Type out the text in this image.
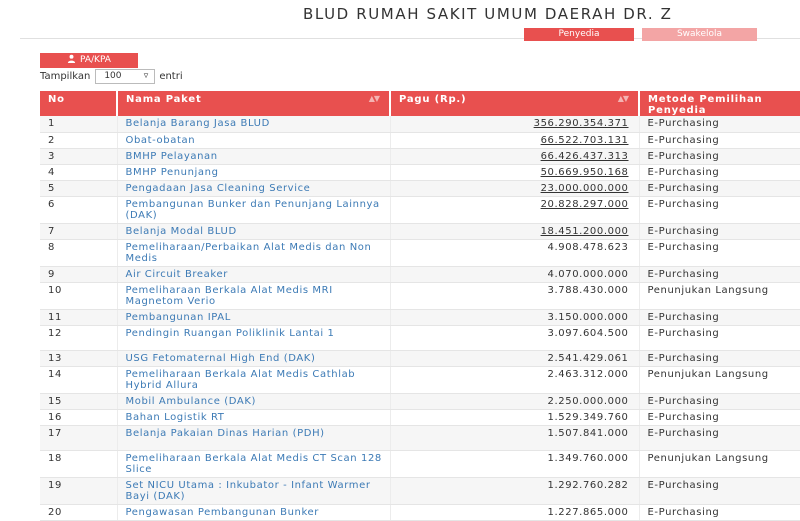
BLUD RUMAH SAKIT UMUM DAERAH DR. Z
Penyedia	Swakelola
PA/KPA
Tampilkan	100 ▿ entri
No	Nama Paket ▲▼	Pagu (Rp.) ▲▼	Metode Pemilihan Penyedia
1	Belanja Barang Jasa BLUD	356.290.354.371	E-Purchasing
2	Obat-obatan	66.522.703.131	E-Purchasing
3	BMHP Pelayanan	66.426.437.313	E-Purchasing
4	BMHP Penunjang	50.669.950.168	E-Purchasing
5	Pengadaan Jasa Cleaning Service	23.000.000.000	E-Purchasing
6	Pembangunan Bunker dan Penunjang Lainnya (DAK)	20.828.297.000	E-Purchasing
7	Belanja Modal BLUD	18.451.200.000	E-Purchasing
8	Pemeliharaan/Perbaikan Alat Medis dan Non Medis	4.908.478.623	E-Purchasing
9	Air Circuit Breaker	4.070.000.000	E-Purchasing
10	Pemeliharaan Berkala Alat Medis MRI Magnetom Verio	3.788.430.000	Penunjukan Langsung
11	Pembangunan IPAL	3.150.000.000	E-Purchasing
12	Pendingin Ruangan Poliklinik Lantai 1	3.097.604.500	E-Purchasing
13	USG Fetomaternal High End (DAK)	2.541.429.061	E-Purchasing
14	Pemeliharaan Berkala Alat Medis Cathlab Hybrid Allura	2.463.312.000	Penunjukan Langsung
15	Mobil Ambulance (DAK)	2.250.000.000	E-Purchasing
16	Bahan Logistik RT	1.529.349.760	E-Purchasing
17	Belanja Pakaian Dinas Harian (PDH)	1.507.841.000	E-Purchasing
18	Pemeliharaan Berkala Alat Medis CT Scan 128 Slice	1.349.760.000	Penunjukan Langsung
19	Set NICU Utama : Inkubator - Infant Warmer Bayi (DAK)	1.292.760.282	E-Purchasing
20	Pengawasan Pembangunan Bunker	1.227.865.000	E-Purchasing
